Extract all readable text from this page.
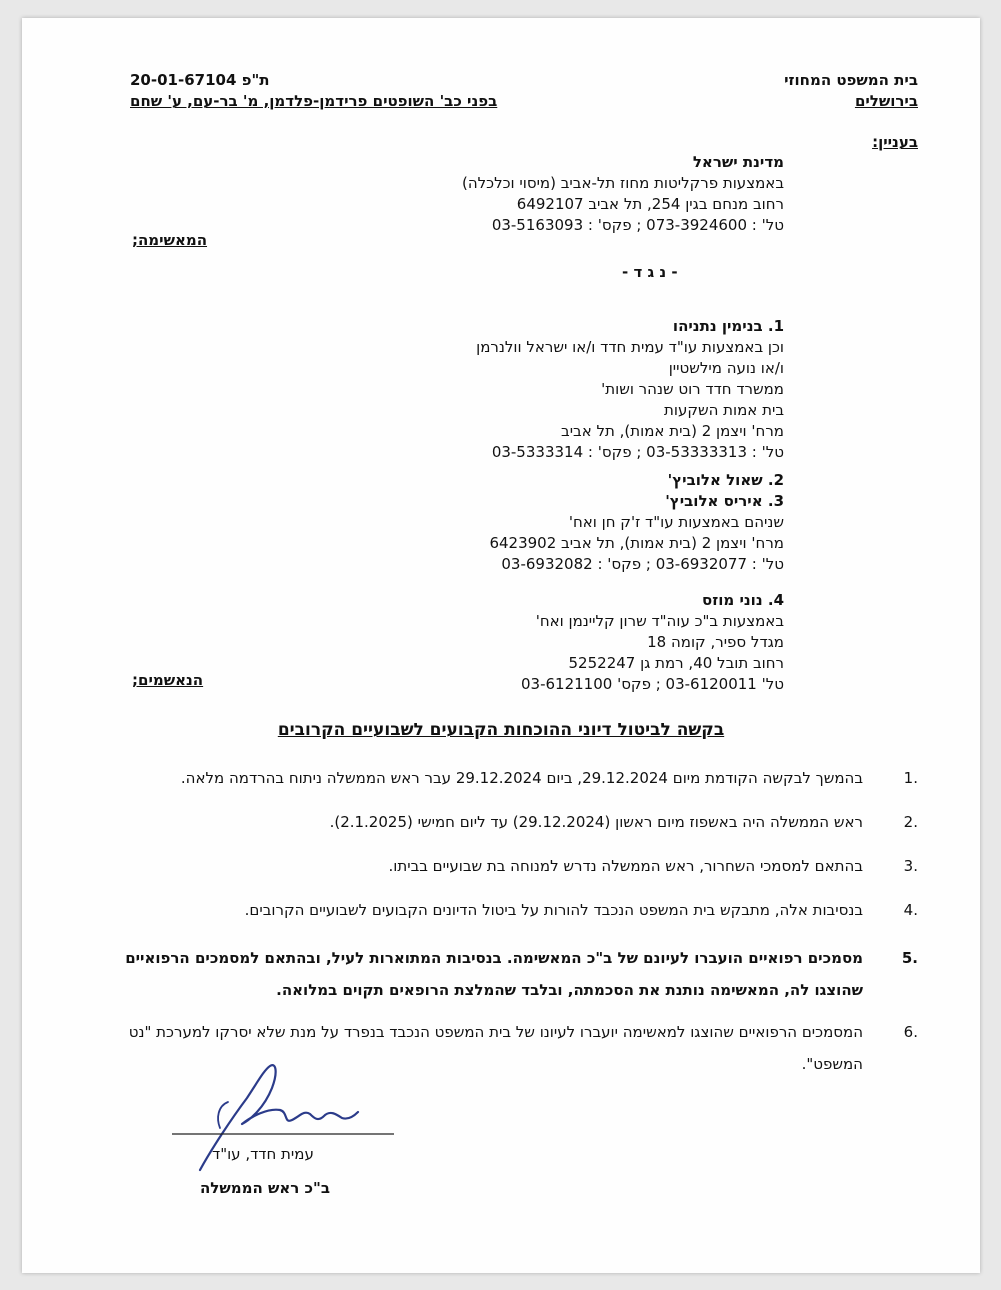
בית המשפט המחוזי
בירושלים
ת"פ 20-01-67104
בפני כב' השופטים פרידמן-פלדמן, מ' בר-עם, ע' שחם
בעניין:
מדינת ישראל
באמצעות פרקליטות מחוז תל-אביב (מיסוי וכלכלה)
רחוב מנחם בגין 254, תל אביב 6492107
טל' : 073-3924600 ; פקס' : 03-5163093
המאשימה;
- נ ג ד -
1. בנימין נתניהו
וכן באמצעות עו"ד עמית חדד ו/או ישראל וולנרמן
ו/או נועה מילשטיין
ממשרד חדד רוט שנהר ושות'
בית אמות השקעות
מרח' ויצמן 2 (בית אמות), תל אביב
טל' : 03-53333313 ; פקס' : 03-5333314
2. שאול אלוביץ'
3. איריס אלוביץ'
שניהם באמצעות עו"ד ז'ק חן ואח'
מרח' ויצמן 2 (בית אמות), תל אביב 6423902
טל' : 03-6932077 ; פקס' : 03-6932082
4. נוני מוזס
באמצעות ב"כ עוה"ד שרון קליינמן ואח'
מגדל ספיר, קומה 18
רחוב תובל 40, רמת גן 5252247
טל' 03-6120011 ; פקס' 03-6121100
הנאשמים;
בקשה לביטול דיוני ההוכחות הקבועים לשבועיים הקרובים
.1
בהמשך לבקשה הקודמת מיום 29.12.2024, ביום 29.12.2024 עבר ראש הממשלה ניתוח בהרדמה מלאה.
.2
ראש הממשלה היה באשפוז מיום ראשון (29.12.2024) עד ליום חמישי (2.1.2025).
.3
בהתאם למסמכי השחרור, ראש הממשלה נדרש למנוחה בת שבועיים בביתו.
.4
בנסיבות אלה, מתבקש בית המשפט הנכבד להורות על ביטול הדיונים הקבועים לשבועיים הקרובים.
.5
מסמכים רפואיים הועברו לעיונם של ב"כ המאשימה. בנסיבות המתוארות לעיל, ובהתאם למסמכים הרפואיים שהוצגו לה, המאשימה נותנת את הסכמתה, ובלבד שהמלצת הרופאים תקוים במלואה.
.6
המסמכים הרפואיים שהוצגו למאשימה יועברו לעיונו של בית המשפט הנכבד בנפרד על מנת שלא יסרקו למערכת "נט המשפט".
עמית חדד, עו"ד
ב"כ ראש הממשלה
